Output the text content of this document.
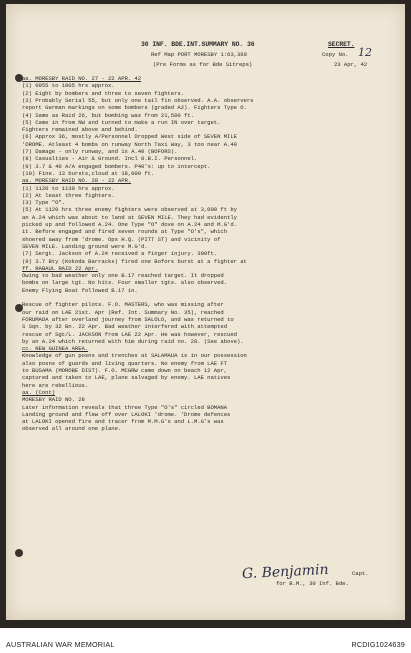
30 INF. BDE.INT.SUMMARY NO. 36	SECRET.
Ref Map PORT MORESBY 1:63,360	Copy No. 12
(Pre Forms as for Bde Sitreps)	23 Apr, 42
aa. MORESBY RAID NO. 27 - 22 APR. 42
(1) 0955 to 1005 hrs approx.
(2) Eight by bombers and three to seven fighters.
(3) Probably Serial 55, but only one tail fin observed. A.A. observers
report German markings on some bombers (graded A2). Fighters Type O.
(4) Same as Raid 26, but bombing was from 21,500 ft.
(5) Came in from NW and turned to make a run IN over target.
Fighters remained above and behind.
(6) Approx 36, mostly A/Personnel Dropped West side of SEVEN MILE
'DROME. Atleast 4 bombs on runway North Taxi Way, 3 too near A.40
(7) Damage - only runway, and 1x A.40 (BOFORS).
(8) Casualties - Air & Ground. Incl 0.B.I. Personnel.
(9) 3.7 & 40 A/A engaged bombers. P40's: up to intercept.
(10) Fine. 13 bursts,cloud at 18,000 ft.
aa. MORESBY RAID NO. 28 - 22 APR.
(1) 1120 to 1130 hrs approx.
(2) At least three fighters.
(3) Type "O".
(5) At 1120 hrs three enemy fighters were observed at 3,000 ft by
an A.24 which was about to land at SEVEN MILE. They had evidently
picked up and followed A.24. One Type "O" dove on A.24 and M.G'd.
it. Before engaged and fired seven rounds at Type "O's", which
shoered away from 'drome. Ops H.Q. (PITT ST) and vicinity of
SEVEN MILE. Landing ground were M.G'd.
(7) Sergt. Jackson of A.24 received a finger injury. 300ft.
(9) 3.7 Bty (Kokoda Barracks) fired one Bofors burst at a fighter at
ff. RABAUL RAID 22 Apr.
Owing to bad weather only one B.17 reached target. It dropped
bombs on large tgt. No hits. Four smaller tgts. also observed.
Enemy Flying Boat followed B.17 in.
Rescue of fighter pilots. F.O. MASTERS, who was missing after
our raid on LAE 21st. Apr (Ref. Int. Summary No. 35), reached
FORUMADA after overland journey from SALOLO, and was returned to
S Sqn. by 32 Bn. 22 Apr. Bad weather interfered with attempted
rescue of Sgt/L. JACKSON from LAE 22 Apr. He was however, rescued
by an A.24 which returned with him during raid no. 28. (See above).
cc. NEW GUINEA AREA.
Knowledge of gun posns and trenches at SALAMAUA is in our possession
also posns of guards and living quarters. No enemy from LAE FT
to BUSAMA (MOROBE DIST). F.O. MCGRW came down on beach 12 Apr,
captured and taken to LAE, plane salvaged by enemy. LAE natives
here are rebellious.
aa. (Cont)
MORESBY RAID NO. 28
Later information reveals that three Type "O's" circled BOMANA
Landing ground and flew off over LALOKI 'drome. 'Drome defences
at LALOKI opened fire and tracer from M.M.G's and L.M.G's was
observed all around one plane.
G. Benjamin	Capt.
for B.M., 30 Inf. Bde.
AUSTRALIAN WAR MEMORIAL	RCDIG1024639
